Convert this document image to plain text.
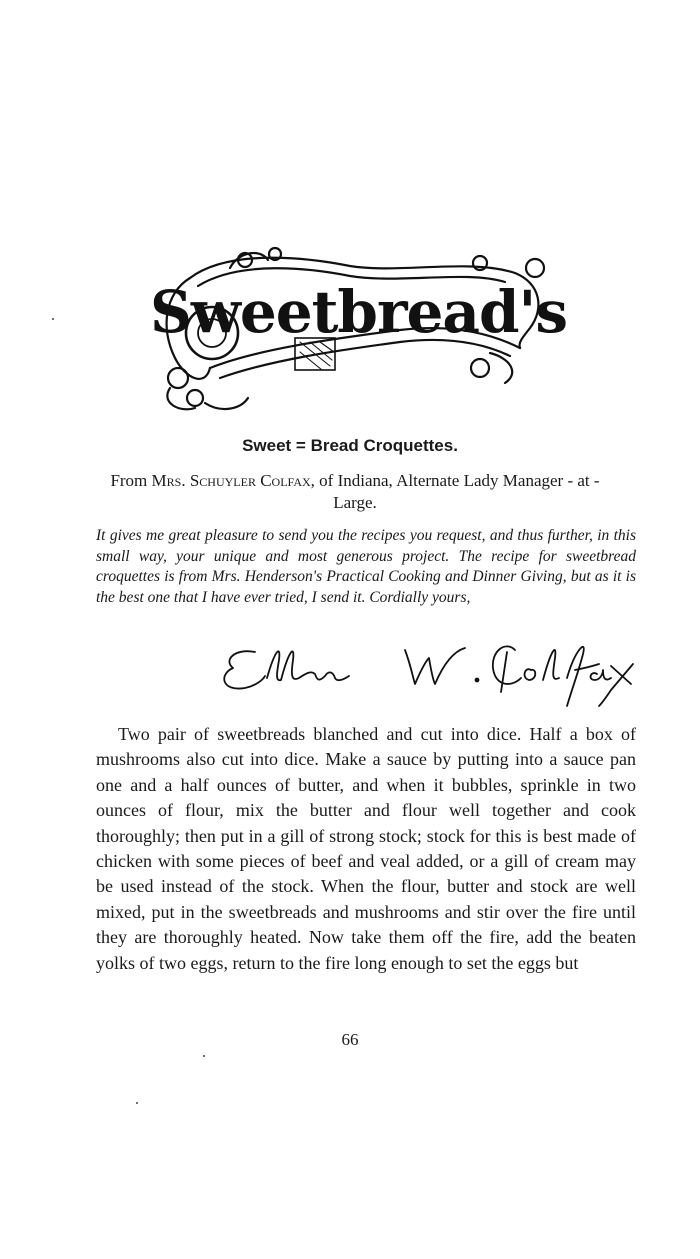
Sweetbread's
Sweet = Bread Croquettes.
From Mrs. Schuyler Colfax, of Indiana, Alternate Lady Manager - at - Large.
It gives me great pleasure to send you the recipes you request, and thus further, in this small way, your unique and most generous project. The recipe for sweetbread croquettes is from Mrs. Henderson's Practical Cooking and Dinner Giving, but as it is the best one that I have ever tried, I send it. Cordially yours,
Two pair of sweetbreads blanched and cut into dice. Half a box of mushrooms also cut into dice. Make a sauce by putting into a sauce pan one and a half ounces of butter, and when it bubbles, sprinkle in two ounces of flour, mix the butter and flour well together and cook thoroughly; then put in a gill of strong stock; stock for this is best made of chicken with some pieces of beef and veal added, or a gill of cream may be used instead of the stock. When the flour, butter and stock are well mixed, put in the sweetbreads and mushrooms and stir over the fire until they are thoroughly heated. Now take them off the fire, add the beaten yolks of two eggs, return to the fire long enough to set the eggs but
66
